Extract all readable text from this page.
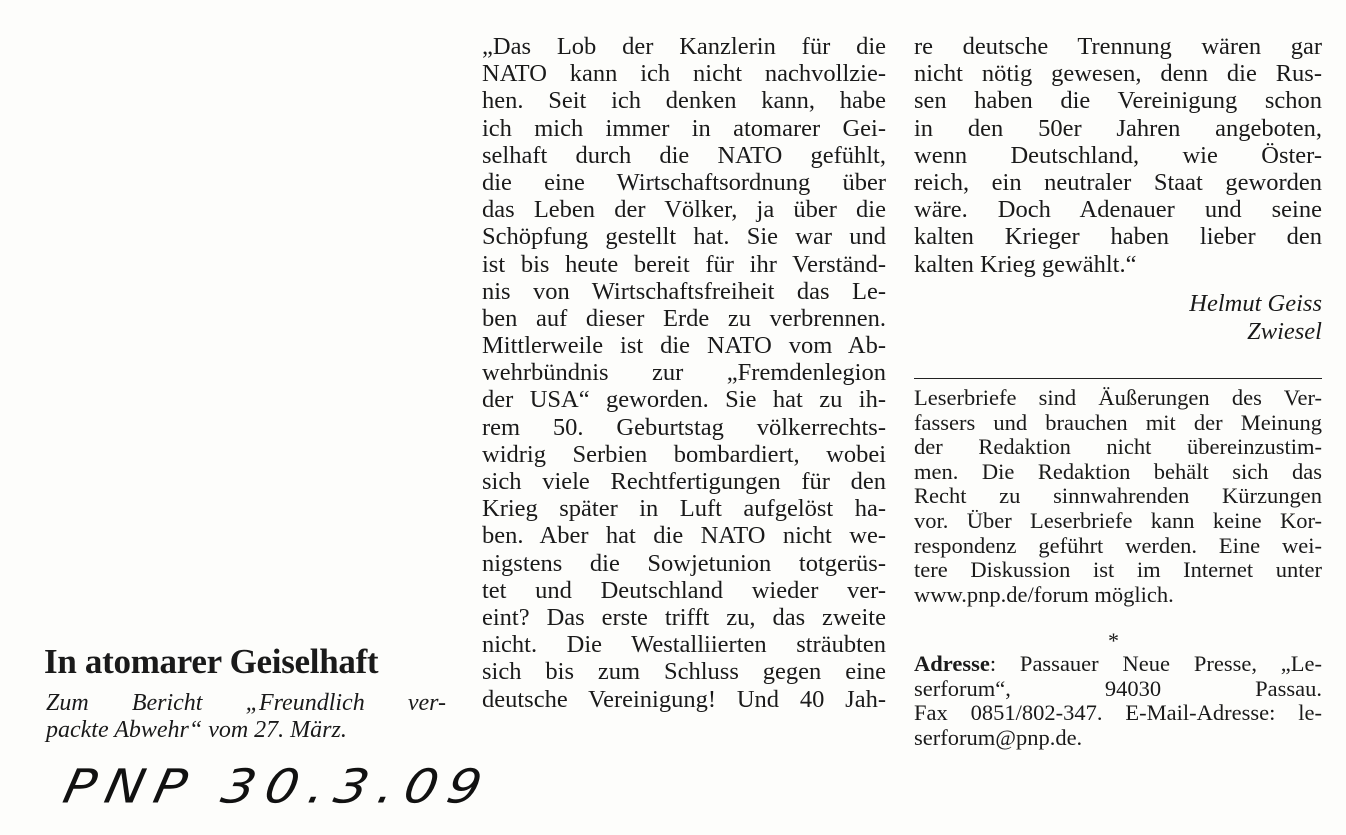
„Das Lob der Kanzlerin für die
NATO kann ich nicht nachvollzie-
hen. Seit ich denken kann, habe
ich mich immer in atomarer Gei-
selhaft durch die NATO gefühlt,
die eine Wirtschaftsordnung über
das Leben der Völker, ja über die
Schöpfung gestellt hat. Sie war und
ist bis heute bereit für ihr Verständ-
nis von Wirtschaftsfreiheit das Le-
ben auf dieser Erde zu verbrennen.
Mittlerweile ist die NATO vom Ab-
wehrbündnis zur „Fremdenlegion
der USA“ geworden. Sie hat zu ih-
rem 50. Geburtstag völkerrechts-
widrig Serbien bombardiert, wobei
sich viele Rechtfertigungen für den
Krieg später in Luft aufgelöst ha-
ben. Aber hat die NATO nicht we-
nigstens die Sowjetunion totgerüs-
tet und Deutschland wieder ver-
eint? Das erste trifft zu, das zweite
nicht. Die Westalliierten sträubten
sich bis zum Schluss gegen eine
deutsche Vereinigung! Und 40 Jah-
re deutsche Trennung wären gar
nicht nötig gewesen, denn die Rus-
sen haben die Vereinigung schon
in den 50er Jahren angeboten,
wenn Deutschland, wie Öster-
reich, ein neutraler Staat geworden
wäre. Doch Adenauer und seine
kalten Krieger haben lieber den
kalten Krieg gewählt.“
Helmut Geiss
Zwiesel
Leserbriefe sind Äußerungen des Ver-
fassers und brauchen mit der Meinung
der Redaktion nicht übereinzustim-
men. Die Redaktion behält sich das
Recht zu sinnwahrenden Kürzungen
vor. Über Leserbriefe kann keine Kor-
respondenz geführt werden. Eine wei-
tere Diskussion ist im Internet unter
www.pnp.de/forum möglich.
*
Adresse: Passauer Neue Presse, „Le-
serforum“, 94030 Passau.
Fax 0851/802-347. E-Mail-Adresse: le-
serforum@pnp.de.
In atomarer Geiselhaft
Zum Bericht „Freundlich ver-
packte Abwehr“ vom 27. März.
PNP 30.3.09
